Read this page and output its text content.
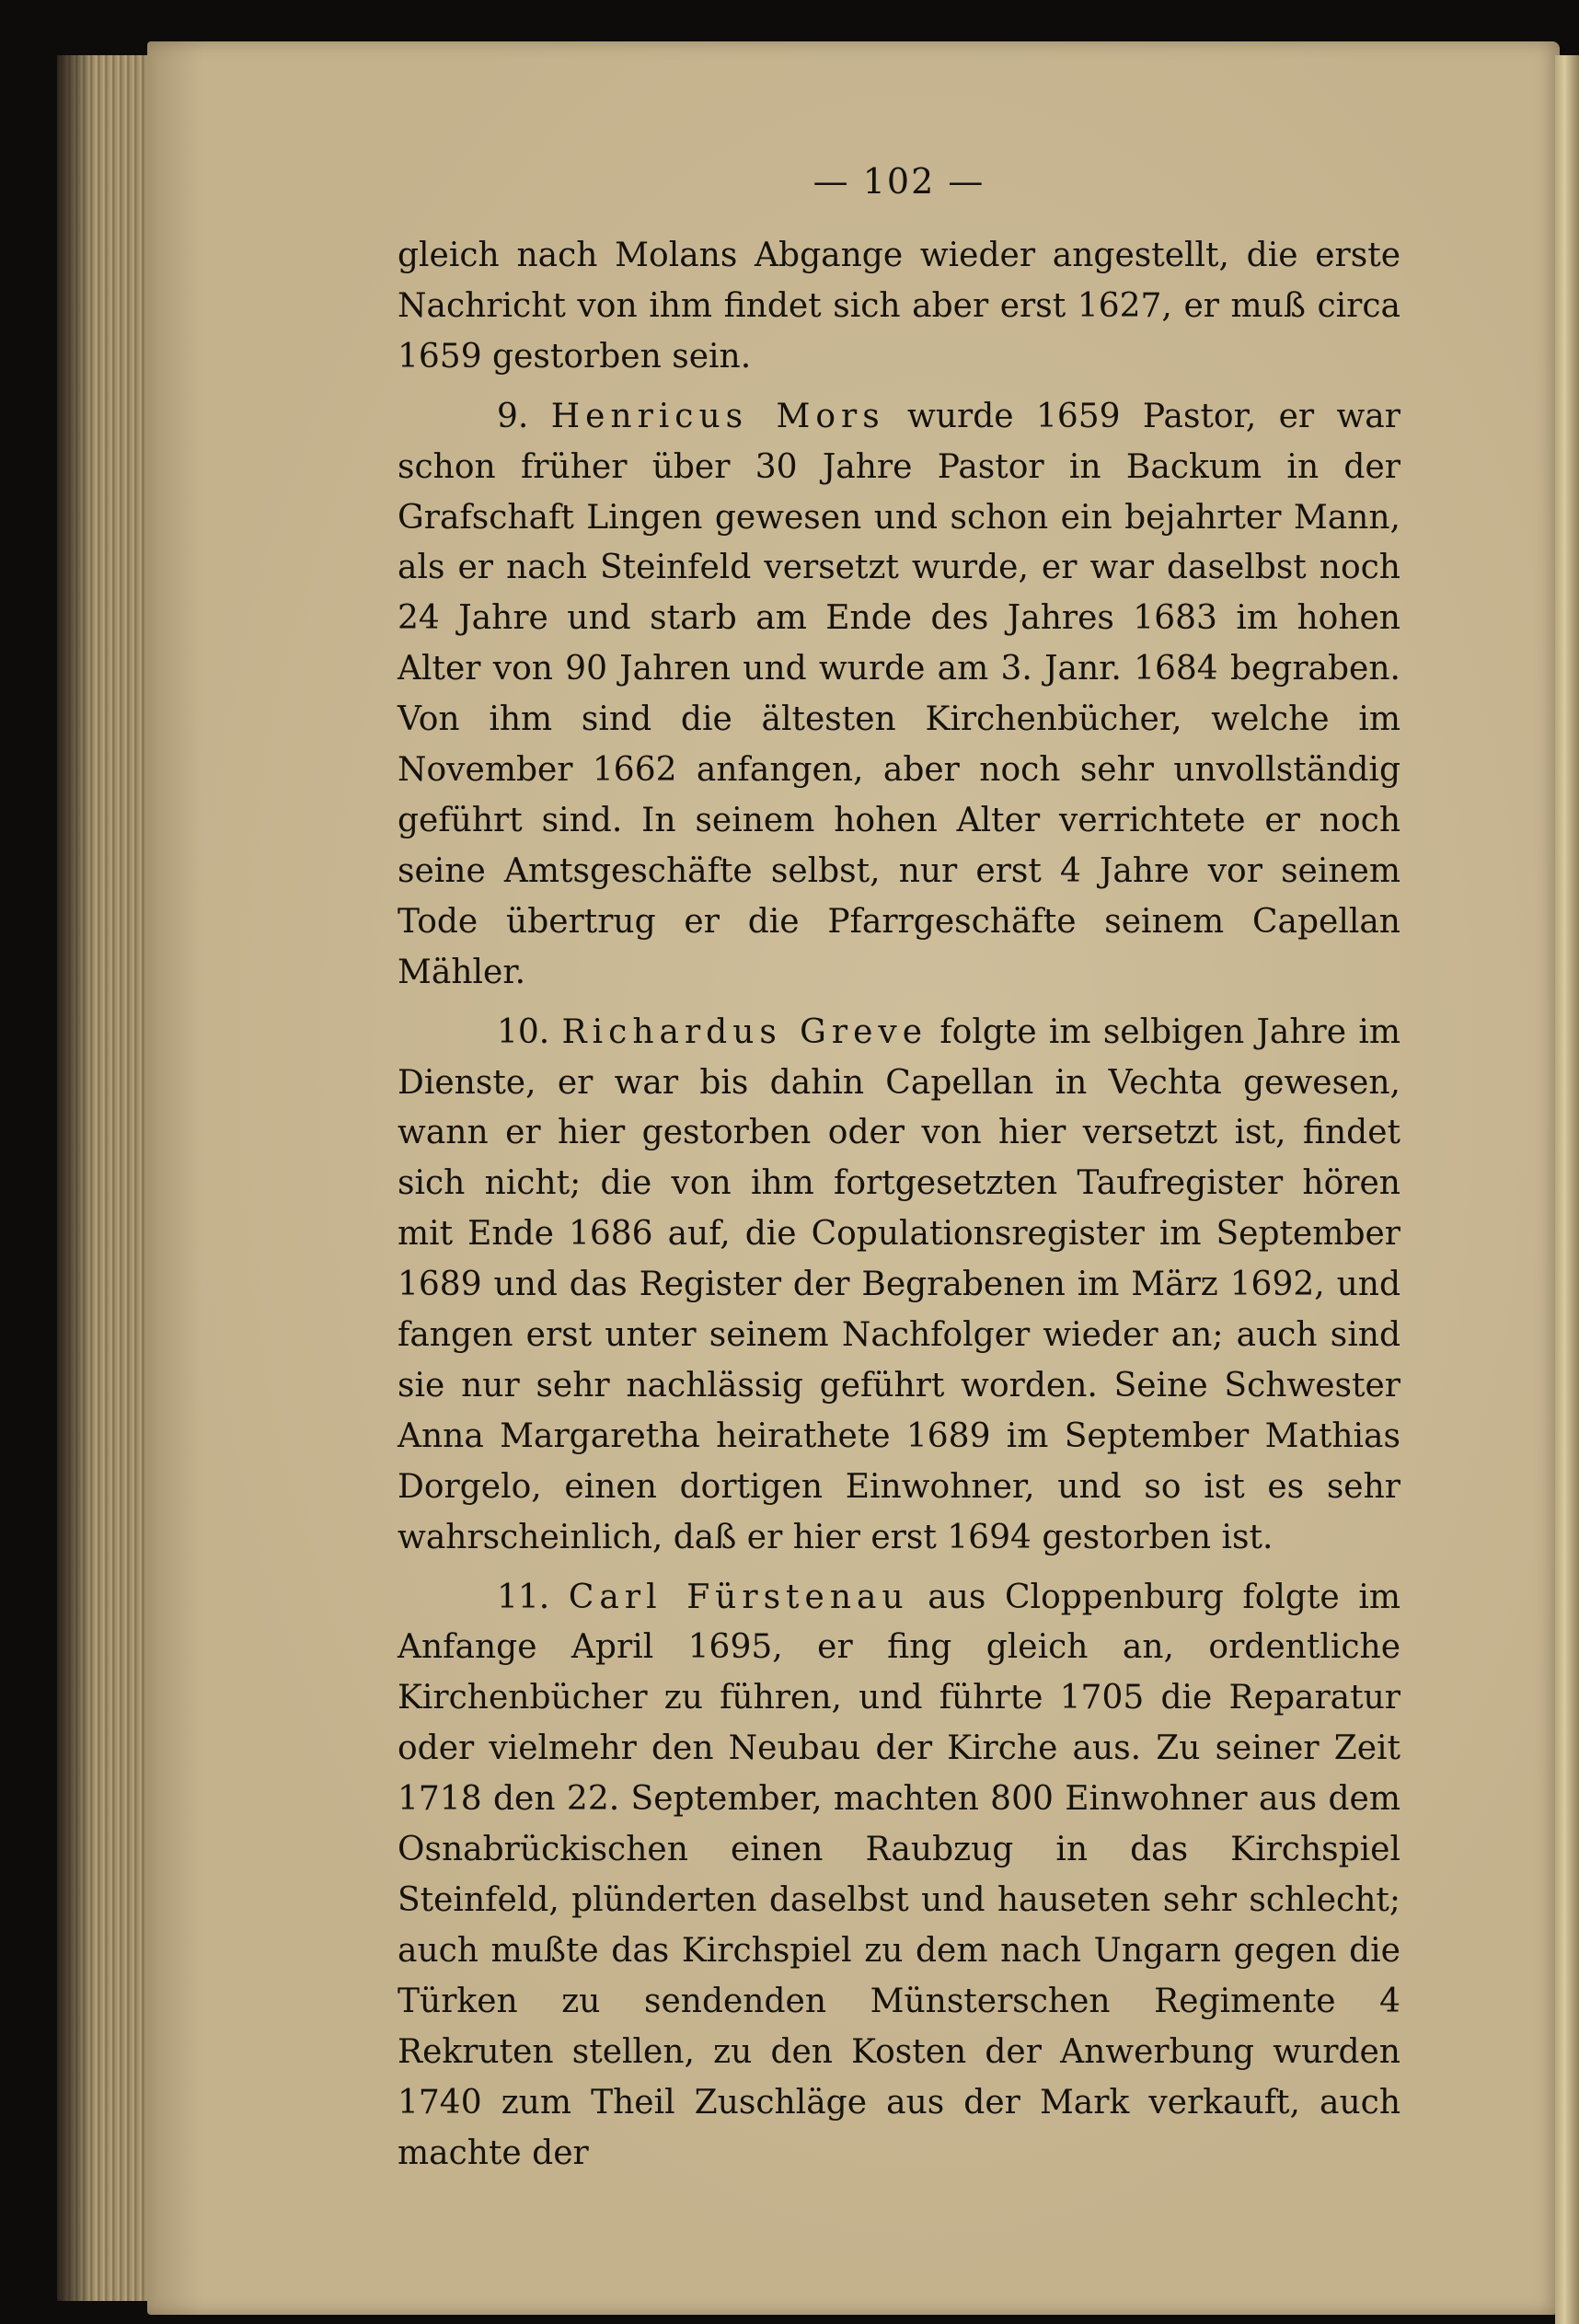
— 102 —

gleich nach Molans Abgange wieder angestellt, die erste Nachricht von ihm findet sich aber erst 1627, er muß circa 1659 gestorben sein.

9. Henricus Mors wurde 1659 Pastor, er war schon früher über 30 Jahre Pastor in Backum in der Grafschaft Lingen gewesen und schon ein bejahrter Mann, als er nach Steinfeld versetzt wurde, er war daselbst noch 24 Jahre und starb am Ende des Jahres 1683 im hohen Alter von 90 Jahren und wurde am 3. Janr. 1684 begraben. Von ihm sind die ältesten Kirchenbücher, welche im November 1662 anfangen, aber noch sehr unvollständig geführt sind. In seinem hohen Alter verrichtete er noch seine Amtsgeschäfte selbst, nur erst 4 Jahre vor seinem Tode übertrug er die Pfarrgeschäfte seinem Capellan Mähler.

10. Richardus Greve folgte im selbigen Jahre im Dienste, er war bis dahin Capellan in Vechta gewesen, wann er hier gestorben oder von hier versetzt ist, findet sich nicht; die von ihm fortgesetzten Taufregister hören mit Ende 1686 auf, die Copulationsregister im September 1689 und das Register der Begrabenen im März 1692, und fangen erst unter seinem Nachfolger wieder an; auch sind sie nur sehr nachlässig geführt worden. Seine Schwester Anna Margaretha heirathete 1689 im September Mathias Dorgelo, einen dortigen Einwohner, und so ist es sehr wahrscheinlich, daß er hier erst 1694 gestorben ist.

11. Carl Fürstenau aus Cloppenburg folgte im Anfange April 1695, er fing gleich an, ordentliche Kirchenbücher zu führen, und führte 1705 die Reparatur oder vielmehr den Neubau der Kirche aus. Zu seiner Zeit 1718 den 22. September, machten 800 Einwohner aus dem Osnabrückischen einen Raubzug in das Kirchspiel Steinfeld, plünderten daselbst und hauseten sehr schlecht; auch mußte das Kirchspiel zu dem nach Ungarn gegen die Türken zu sendenden Münsterschen Regimente 4 Rekruten stellen, zu den Kosten der Anwerbung wurden 1740 zum Theil Zuschläge aus der Mark verkauft, auch machte der
